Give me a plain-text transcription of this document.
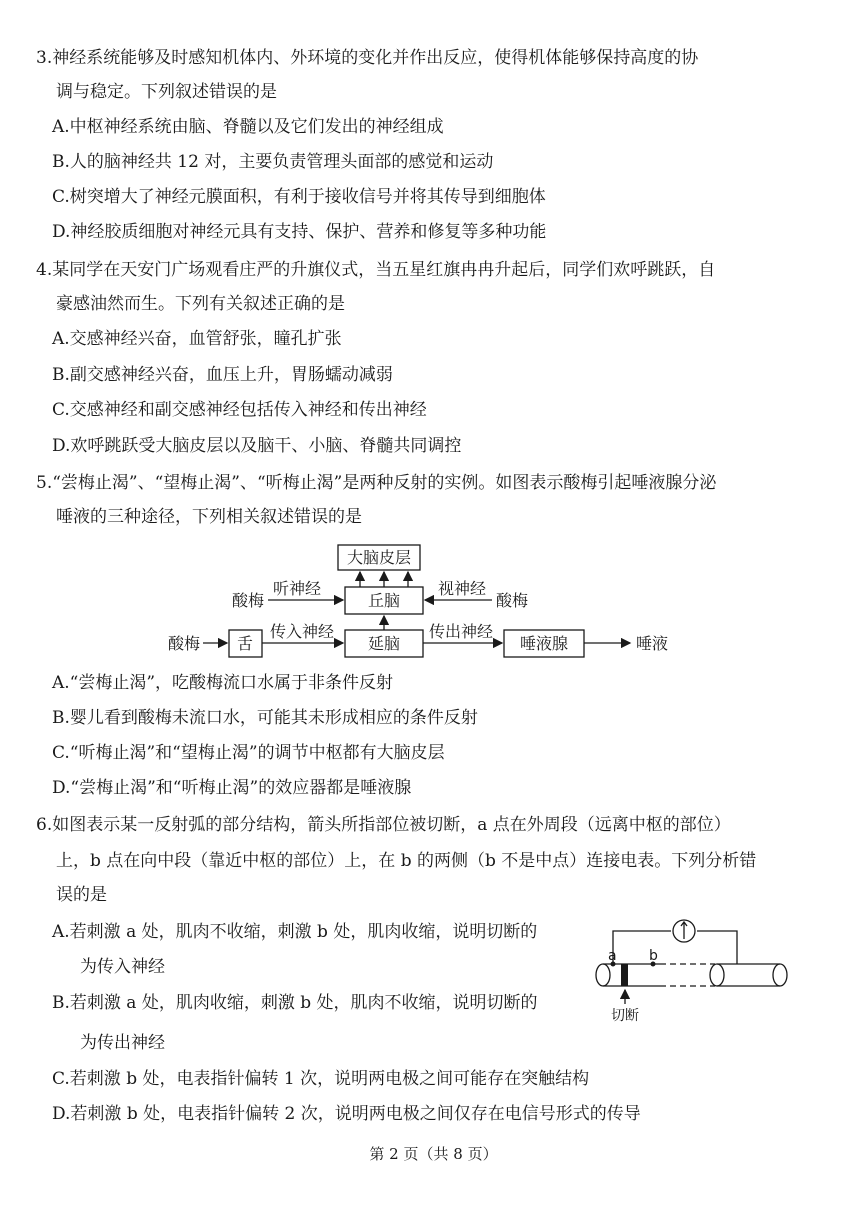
3.神经系统能够及时感知机体内、外环境的变化并作出反应，使得机体能够保持高度的协
调与稳定。下列叙述错误的是
A.中枢神经系统由脑、脊髓以及它们发出的神经组成
B.人的脑神经共 12 对，主要负责管理头面部的感觉和运动
C.树突增大了神经元膜面积，有利于接收信号并将其传导到细胞体
D.神经胶质细胞对神经元具有支持、保护、营养和修复等多种功能
4.某同学在天安门广场观看庄严的升旗仪式，当五星红旗冉冉升起后，同学们欢呼跳跃，自
豪感油然而生。下列有关叙述正确的是
A.交感神经兴奋，血管舒张，瞳孔扩张
B.副交感神经兴奋，血压上升，胃肠蠕动减弱
C.交感神经和副交感神经包括传入神经和传出神经
D.欢呼跳跃受大脑皮层以及脑干、小脑、脊髓共同调控
5.“尝梅止渴”、“望梅止渴”、“听梅止渴”是两种反射的实例。如图表示酸梅引起唾液腺分泌
唾液的三种途径，下列相关叙述错误的是
大脑皮层
丘脑
延脑
舌	唾液腺	唾液
酸梅	酸梅
酸梅
听神经	视神经
传入神经	传出神经
A.“尝梅止渴”，吃酸梅流口水属于非条件反射
B.婴儿看到酸梅未流口水，可能其未形成相应的条件反射
C.“听梅止渴”和“望梅止渴”的调节中枢都有大脑皮层
D.“尝梅止渴”和“听梅止渴”的效应器都是唾液腺
6.如图表示某一反射弧的部分结构，箭头所指部位被切断，a 点在外周段（远离中枢的部位）
上，b 点在向中段（靠近中枢的部位）上，在 b 的两侧（b 不是中点）连接电表。下列分析错
误的是
A.若刺激 a 处，肌肉不收缩，刺激 b 处，肌肉收缩，说明切断的
为传入神经
B.若刺激 a 处，肌肉收缩，刺激 b 处，肌肉不收缩，说明切断的
为传出神经
C.若刺激 b 处，电表指针偏转 1 次，说明两电极之间可能存在突触结构
D.若刺激 b 处，电表指针偏转 2 次，说明两电极之间仅存在电信号形式的传导
a b
切断
第 2 页（共 8 页）
